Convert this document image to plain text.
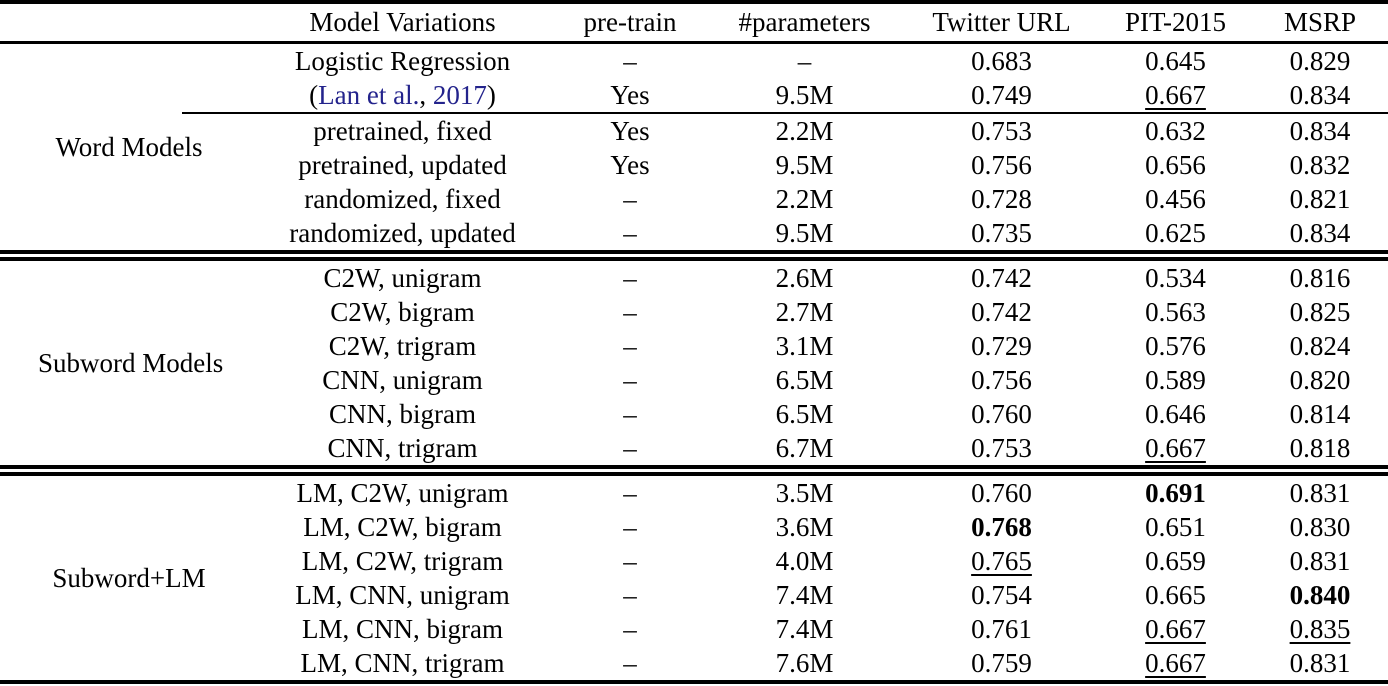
	Model Variations	pre-train	#parameters	Twitter URL	PIT-2015	MSRP
Word Models	Logistic Regression	–	–	0.683	0.645	0.829
	(Lan et al., 2017)	Yes	9.5M	0.749	0.667	0.834
	pretrained, fixed	Yes	2.2M	0.753	0.632	0.834
	pretrained, updated	Yes	9.5M	0.756	0.656	0.832
	randomized, fixed	–	2.2M	0.728	0.456	0.821
	randomized, updated	–	9.5M	0.735	0.625	0.834

Subword Models	C2W, unigram	–	2.6M	0.742	0.534	0.816
	C2W, bigram	–	2.7M	0.742	0.563	0.825
	C2W, trigram	–	3.1M	0.729	0.576	0.824
	CNN, unigram	–	6.5M	0.756	0.589	0.820
	CNN, bigram	–	6.5M	0.760	0.646	0.814
	CNN, trigram	–	6.7M	0.753	0.667	0.818

Subword+LM	LM, C2W, unigram	–	3.5M	0.760	0.691	0.831
	LM, C2W, bigram	–	3.6M	0.768	0.651	0.830
	LM, C2W, trigram	–	4.0M	0.765	0.659	0.831
	LM, CNN, unigram	–	7.4M	0.754	0.665	0.840
	LM, CNN, bigram	–	7.4M	0.761	0.667	0.835
	LM, CNN, trigram	–	7.6M	0.759	0.667	0.831
